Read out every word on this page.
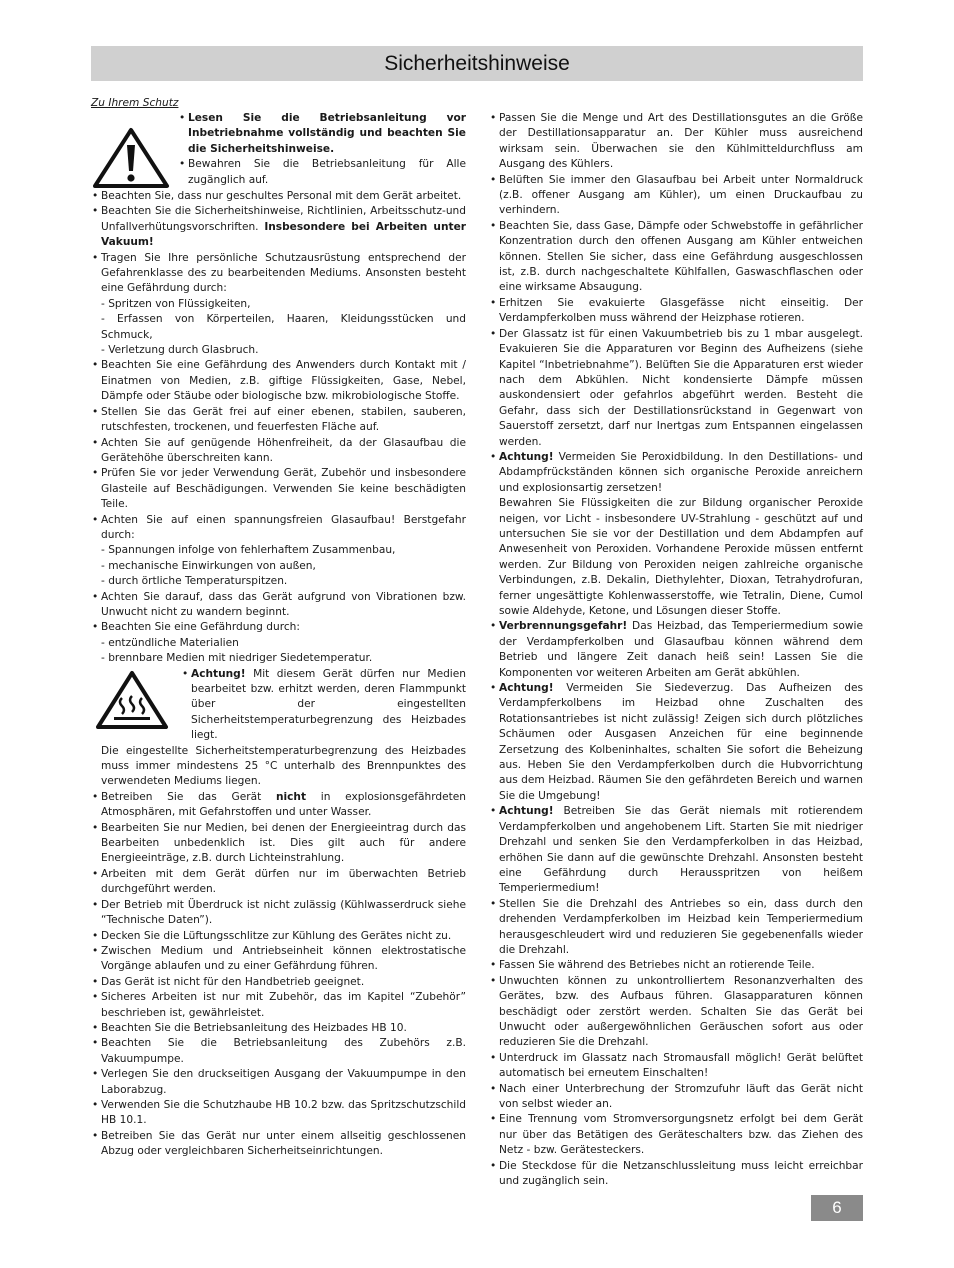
Sicherheitshinweise

Zu Ihrem Schutz

• Lesen Sie die Betriebsanleitung vor Inbetriebnahme vollständig und beachten Sie die Sicherheitshinweise.
• Bewahren Sie die Betriebsanleitung für Alle zugänglich auf.
• Beachten Sie, dass nur geschultes Personal mit dem Gerät arbeitet.
• Beachten Sie die Sicherheitshinweise, Richtlinien, Arbeitsschutz-und Unfallverhütungsvorschriften. Insbesondere bei Arbeiten unter Vakuum!
• Tragen Sie Ihre persönliche Schutzausrüstung entsprechend der Gefahrenklasse des zu bearbeitenden Mediums. Ansonsten besteht eine Gefährdung durch:

- Spritzen von Flüssigkeiten,

- Erfassen von Körperteilen, Haaren, Kleidungsstücken und Schmuck,

- Verletzung durch Glasbruch.

• Beachten Sie eine Gefährdung des Anwenders durch Kontakt mit / Einatmen von Medien, z.B. giftige Flüssigkeiten, Gase, Nebel, Dämpfe oder Stäube oder biologische bzw. mikrobiologische Stoffe.
• Stellen Sie das Gerät frei auf einer ebenen, stabilen, sauberen, rutschfesten, trockenen, und feuerfesten Fläche auf.
• Achten Sie auf genügende Höhenfreiheit, da der Glasaufbau die Gerätehöhe überschreiten kann.
• Prüfen Sie vor jeder Verwendung Gerät, Zubehör und insbesondere Glasteile auf Beschädigungen. Verwenden Sie keine beschädigten Teile.
• Achten Sie auf einen spannungsfreien Glasaufbau! Berstgefahr durch:

- Spannungen infolge von fehlerhaftem Zusammenbau,

- mechanische Einwirkungen von außen,

- durch örtliche Temperaturspitzen.

• Achten Sie darauf, dass das Gerät aufgrund von Vibrationen bzw. Unwucht nicht zu wandern beginnt.
• Beachten Sie eine Gefährdung durch:

- entzündliche Materialien

- brennbare Medien mit niedriger Siedetemperatur.

• Achtung! Mit diesem Gerät dürfen nur Medien bearbeitet bzw. erhitzt werden, deren Flammpunkt über der eingestellten Sicherheitstemperaturbegrenzung des Heizbades liegt.

Die eingestellte Sicherheitstemperaturbegrenzung des Heizbades muss immer mindestens 25 °C unterhalb des Brennpunktes des verwendeten Mediums liegen.

• Betreiben Sie das Gerät nicht in explosionsgefährdeten Atmosphären, mit Gefahrstoffen und unter Wasser.
• Bearbeiten Sie nur Medien, bei denen der Energieeintrag durch das Bearbeiten unbedenklich ist. Dies gilt auch für andere Energieeinträge, z.B. durch Lichteinstrahlung.
• Arbeiten mit dem Gerät dürfen nur im überwachten Betrieb durchgeführt werden.
• Der Betrieb mit Überdruck ist nicht zulässig (Kühlwasserdruck siehe “Technische Daten”).
• Decken Sie die Lüftungsschlitze zur Kühlung des Gerätes nicht zu.
• Zwischen Medium und Antriebseinheit können elektrostatische Vorgänge ablaufen und zu einer Gefährdung führen.
• Das Gerät ist nicht für den Handbetrieb geeignet.
• Sicheres Arbeiten ist nur mit Zubehör, das im Kapitel “Zubehör” beschrieben ist, gewährleistet.
• Beachten Sie die Betriebsanleitung des Heizbades HB 10.
• Beachten Sie die Betriebsanleitung des Zubehörs z.B. Vakuumpumpe.
• Verlegen Sie den druckseitigen Ausgang der Vakuumpumpe in den Laborabzug.
• Verwenden Sie die Schutzhaube HB 10.2 bzw. das Spritzschutzschild HB 10.1.
• Betreiben Sie das Gerät nur unter einem allseitig geschlossenen Abzug oder vergleichbaren Sicherheitseinrichtungen.
• Passen Sie die Menge und Art des Destillationsgutes an die Größe der Destillationsapparatur an. Der Kühler muss ausreichend wirksam sein. Überwachen sie den Kühlmitteldurchfluss am Ausgang des Kühlers.
• Belüften Sie immer den Glasaufbau bei Arbeit unter Normaldruck (z.B. offener Ausgang am Kühler), um einen Druckaufbau zu verhindern.
• Beachten Sie, dass Gase, Dämpfe oder Schwebstoffe in gefährlicher Konzentration durch den offenen Ausgang am Kühler entweichen können. Stellen Sie sicher, dass eine Gefährdung ausgeschlossen ist, z.B. durch nachgeschaltete Kühlfallen, Gaswaschflaschen oder eine wirksame Absaugung.
• Erhitzen Sie evakuierte Glasgefässe nicht einseitig. Der Verdampferkolben muss während der Heizphase rotieren.
• Der Glassatz ist für einen Vakuumbetrieb bis zu 1 mbar ausgelegt. Evakuieren Sie die Apparaturen vor Beginn des Aufheizens (siehe Kapitel “Inbetriebnahme”). Belüften Sie die Apparaturen erst wieder nach dem Abkühlen. Nicht kondensierte Dämpfe müssen auskondensiert oder gefahrlos abgeführt werden. Besteht die Gefahr, dass sich der Destillationsrückstand in Gegenwart von Sauerstoff zersetzt, darf nur Inertgas zum Entspannen eingelassen werden.
• Achtung! Vermeiden Sie Peroxidbildung. In den Destillations- und Abdampfrückständen können sich organische Peroxide anreichern und explosionsartig zersetzen!

Bewahren Sie Flüssigkeiten die zur Bildung organischer Peroxide neigen, vor Licht - insbesondere UV-Strahlung - geschützt auf und untersuchen Sie sie vor der Destillation und dem Abdampfen auf Anwesenheit von Peroxiden. Vorhandene Peroxide müssen entfernt werden. Zur Bildung von Peroxiden neigen zahlreiche organische Verbindungen, z.B. Dekalin, Diethylehter, Dioxan, Tetrahydrofuran, ferner ungesättigte Kohlenwasserstoffe, wie Tetralin, Diene, Cumol sowie Aldehyde, Ketone, und Lösungen dieser Stoffe.

• Verbrennungsgefahr! Das Heizbad, das Temperiermedium sowie der Verdampferkolben und Glasaufbau können während dem Betrieb und längere Zeit danach heiß sein! Lassen Sie die Komponenten vor weiteren Arbeiten am Gerät abkühlen.
• Achtung! Vermeiden Sie Siedeverzug. Das Aufheizen des Verdampferkolbens im Heizbad ohne Zuschalten des Rotationsantriebes ist nicht zulässig! Zeigen sich durch plötzliches Schäumen oder Ausgasen Anzeichen für eine beginnende Zersetzung des Kolbeninhaltes, schalten Sie sofort die Beheizung aus. Heben Sie den Verdampferkolben durch die Hubvorrichtung aus dem Heizbad. Räumen Sie den gefährdeten Bereich und warnen Sie die Umgebung!
• Achtung! Betreiben Sie das Gerät niemals mit rotierendem Verdampferkolben und angehobenem Lift. Starten Sie mit niedriger Drehzahl und senken Sie den Verdampferkolben in das Heizbad, erhöhen Sie dann auf die gewünschte Drehzahl. Ansonsten besteht eine Gefährdung durch Herausspritzen von heißem Temperiermedium!
• Stellen Sie die Drehzahl des Antriebes so ein, dass durch den drehenden Verdampferkolben im Heizbad kein Temperiermedium herausgeschleudert wird und reduzieren Sie gegebenenfalls wieder die Drehzahl.
• Fassen Sie während des Betriebes nicht an rotierende Teile.
• Unwuchten können zu unkontrolliertem Resonanzverhalten des Gerätes, bzw. des Aufbaus führen. Glasapparaturen können beschädigt oder zerstört werden. Schalten Sie das Gerät bei Unwucht oder außergewöhnlichen Geräuschen sofort aus oder reduzieren Sie die Drehzahl.
• Unterdruck im Glassatz nach Stromausfall möglich! Gerät belüftet automatisch bei erneutem Einschalten!
• Nach einer Unterbrechung der Stromzufuhr läuft das Gerät nicht von selbst wieder an.
• Eine Trennung vom Stromversorgungsnetz erfolgt bei dem Gerät nur über das Betätigen des Geräteschalters bzw. das Ziehen des Netz - bzw. Gerätesteckers.
• Die Steckdose für die Netzanschlussleitung muss leicht erreichbar und zugänglich sein.
6
